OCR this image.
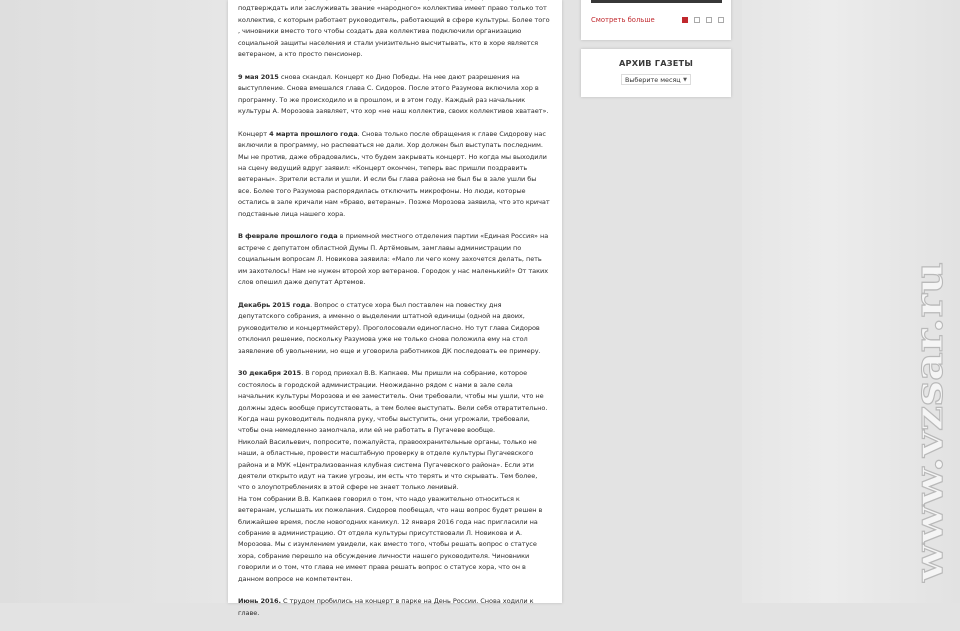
подтверждать или заслуживать звание «народного» коллектива имеет право только тот коллектив, с которым работает руководитель, работающий в сфере культуры. Более того , чиновники вместо того чтобы создать два коллектива подключили организацию социальной защиты населения и стали унизительно высчитывать, кто в хоре является ветераном, а кто просто пенсионер.

9 мая 2015 снова скандал. Концерт ко Дню Победы. На нее дают разрешения на выступление. Снова вмешался глава С. Сидоров. После этого Разумова включила хор в программу. То же происходило и в прошлом, и в этом году. Каждый раз начальник культуры А. Морозова заявляет, что хор «не наш коллектив, своих коллективов хватает».

Концерт 4 марта прошлого года. Снова только после обращения к главе Сидорову нас включили в программу, но распеваться не дали. Хор должен был выступать последним. Мы не против, даже обрадовались, что будем закрывать концерт. Но когда мы выходили на сцену ведущий вдруг заявил: «Концерт окончен, теперь вас пришли поздравить ветераны». Зрители встали и ушли. И если бы глава района не был бы в зале ушли бы все. Более того Разумова распорядилась отключить микрофоны. Но люди, которые остались в зале кричали нам «браво, ветераны». Позже Морозова заявила, что это кричат подставные лица нашего хора.

В феврале прошлого года в приемной местного отделения партии «Единая Россия» на встрече с депутатом областной Думы П. Артёмовым, замглавы администрации по социальным вопросам Л. Новикова заявила: «Мало ли чего кому захочется делать, петь им захотелось! Нам не нужен второй хор ветеранов. Городок у нас маленький!» От таких слов опешил даже депутат Артемов.

Декабрь 2015 года. Вопрос о статусе хора был поставлен на повестку дня депутатского собрания, а именно о выделении штатной единицы (одной на двоих, руководителю и концертмейстеру). Проголосовали единогласно. Но тут глава Сидоров отклонил решение, поскольку Разумова уже не только снова положила ему на стол заявление об увольнении, но еще и уговорила работников ДК последовать ее примеру.

30 декабря 2015. В город приехал В.В. Капкаев. Мы пришли на собрание, которое состоялось в городской администрации. Неожиданно рядом с нами в зале села начальник культуры Морозова и ее заместитель. Они требовали, чтобы мы ушли, что не должны здесь вообще присутствовать, а тем более выступать. Вели себя отвратительно. Когда наш руководитель подняла руку, чтобы выступить, они угрожали, требовали, чтобы она немедленно замолчала, или ей не работать в Пугачеве вообще.
Николай Васильевич, попросите, пожалуйста, правоохранительные органы, только не наши, а областные, провести масштабную проверку в отделе культуры Пугачевского района и в МУК «Централизованная клубная система Пугачевского района». Если эти деятели открыто идут на такие угрозы, им есть что терять и что скрывать. Тем более, что о злоупотреблениях в этой сфере не знает только ленивый.
На том собрании В.В. Капкаев говорил о том, что надо уважительно относиться к ветеранам, услышать их пожелания. Сидоров пообещал, что наш вопрос будет решен в ближайшее время, после новогодних каникул. 12 января 2016 года нас пригласили на собрание в администрацию. От отдела культуры присутствовали Л. Новикова и А. Морозова. Мы с изумлением увидели, как вместо того, чтобы решать вопрос о статусе хора, собрание перешло на обсуждение личности нашего руководителя. Чиновники говорили и о том, что глава не имеет права решать вопрос о статусе хора, что он в данном вопросе не компетентен.

Июнь 2016. С трудом пробились на концерт в парке на День России. Снова ходили к главе.

Смотреть больше
АРХИВ ГАЗЕТЫ
Выберите месяц ▼
www.vzsar.ru
